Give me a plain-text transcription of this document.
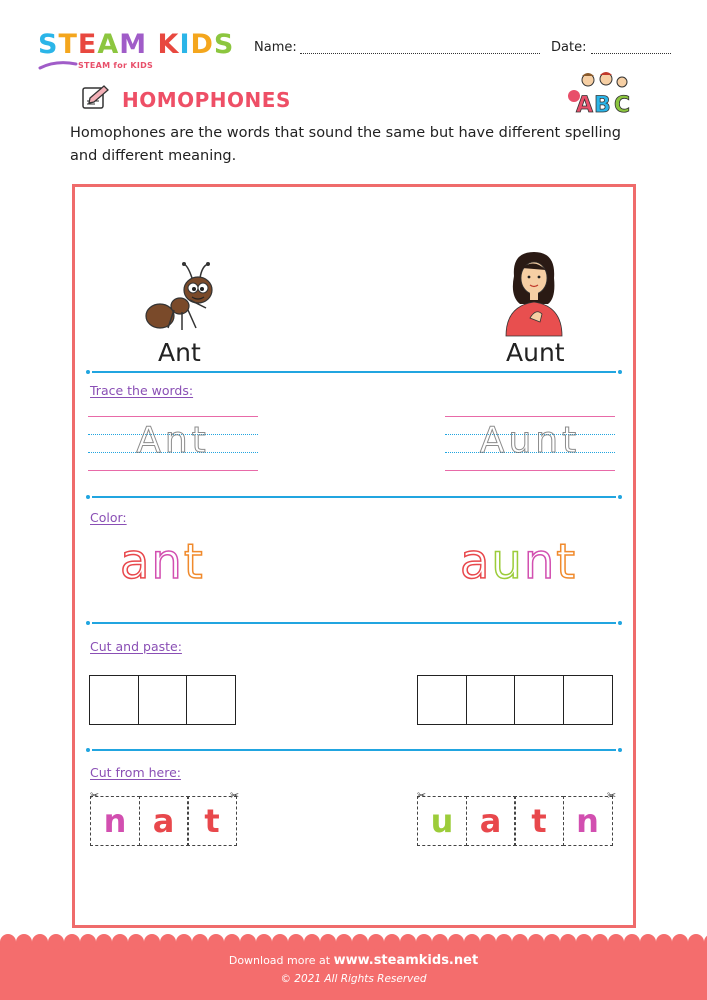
STEAM KIDS
STEAM for KIDS
Name:	Date:
HOMOPHONES	A B C
Homophones are the words that sound the same but have different spelling and different meaning.
Ant	Aunt
Trace the words:
Ant	Aunt
Color:
ant	aunt
Cut and paste:
Cut from here:
n a t
✂	✂
u a t n
✂	✂
Download more at www.steamkids.net
© 2021 All Rights Reserved
